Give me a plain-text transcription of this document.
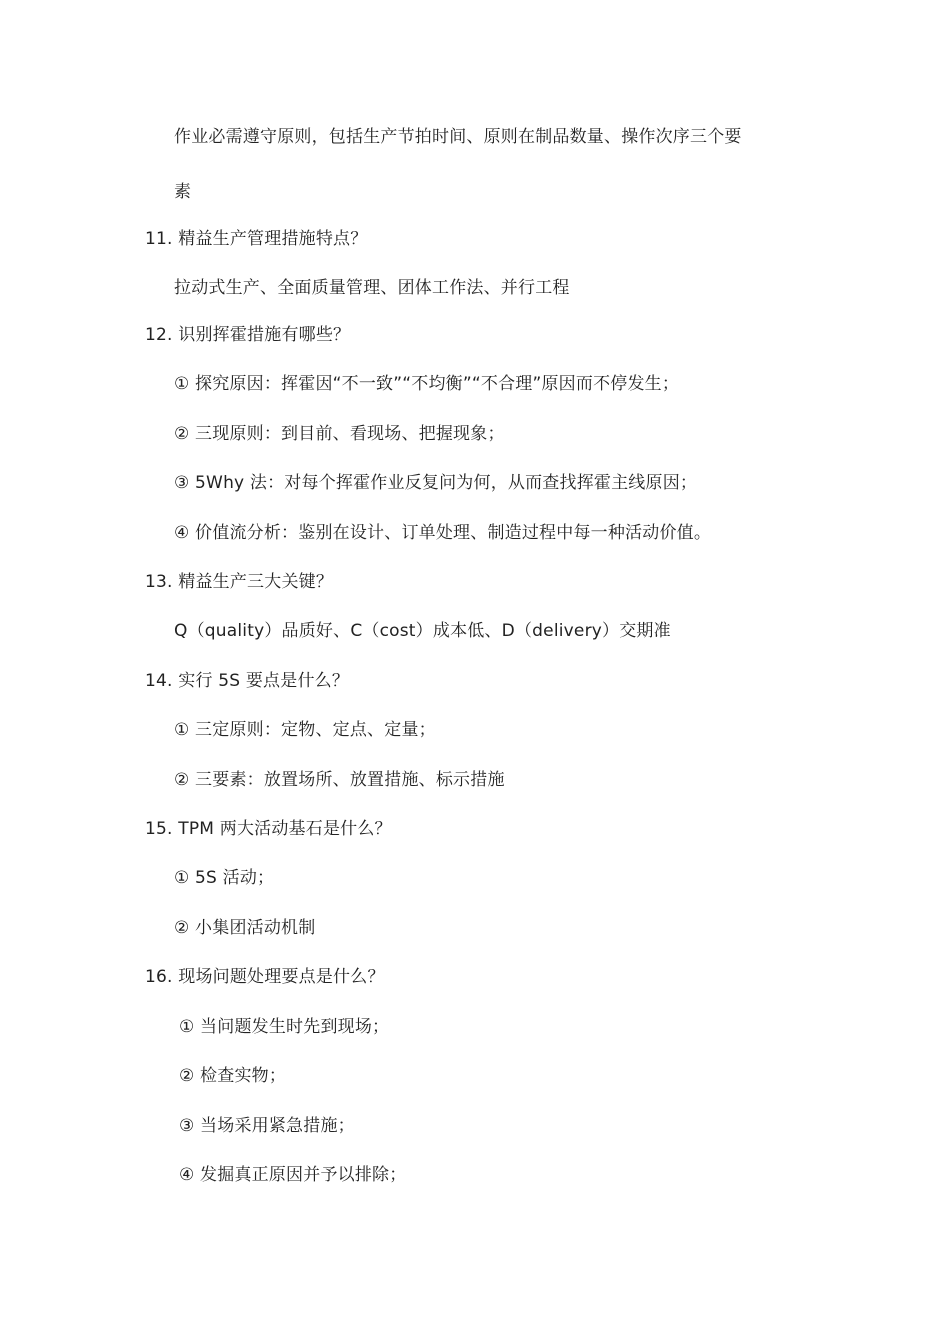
作业必需遵守原则，包括生产节拍时间、原则在制品数量、操作次序三个要
素
11. 精益生产管理措施特点？
拉动式生产、全面质量管理、团体工作法、并行工程
12. 识别挥霍措施有哪些？
① 探究原因：挥霍因“不一致”“不均衡”“不合理”原因而不停发生；
② 三现原则：到目前、看现场、把握现象；
③ 5Why 法：对每个挥霍作业反复问为何，从而查找挥霍主线原因；
④ 价值流分析：鉴别在设计、订单处理、制造过程中每一种活动价值。
13. 精益生产三大关键？
Q（quality）品质好、C（cost）成本低、D（delivery）交期准
14. 实行 5S 要点是什么？
① 三定原则：定物、定点、定量；
② 三要素：放置场所、放置措施、标示措施
15. TPM 两大活动基石是什么？
① 5S 活动；
② 小集团活动机制
16. 现场问题处理要点是什么？
① 当问题发生时先到现场；
② 检查实物；
③ 当场采用紧急措施；
④ 发掘真正原因并予以排除；
